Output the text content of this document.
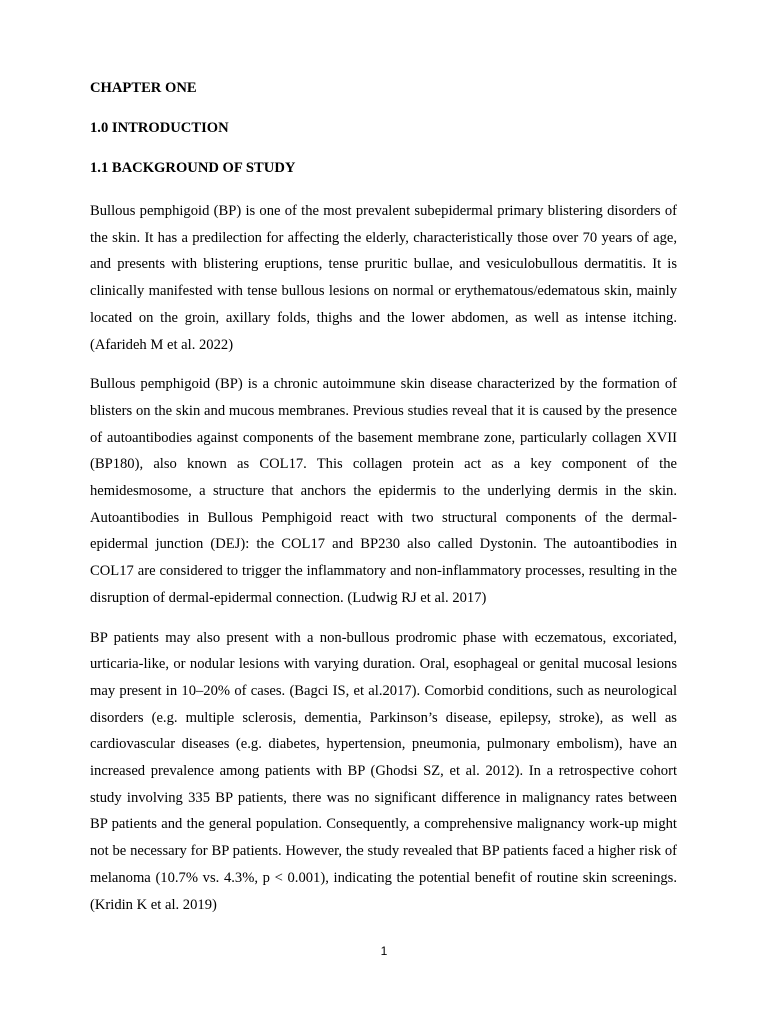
CHAPTER ONE
1.0 INTRODUCTION
1.1 BACKGROUND OF STUDY

Bullous pemphigoid (BP) is one of the most prevalent subepidermal primary blistering disorders of the skin. It has a predilection for affecting the elderly, characteristically those over 70 years of age, and presents with blistering eruptions, tense pruritic bullae, and vesiculobullous dermatitis. It is clinically manifested with tense bullous lesions on normal or erythematous/edematous skin, mainly located on the groin, axillary folds, thighs and the lower abdomen, as well as intense itching. (Afarideh M et al. 2022)

Bullous pemphigoid (BP) is a chronic autoimmune skin disease characterized by the formation of blisters on the skin and mucous membranes. Previous studies reveal that it is caused by the presence of autoantibodies against components of the basement membrane zone, particularly collagen XVII (BP180), also known as COL17. This collagen protein act as a key component of the hemidesmosome, a structure that anchors the epidermis to the underlying dermis in the skin. Autoantibodies in Bullous Pemphigoid react with two structural components of the dermal-epidermal junction (DEJ): the COL17 and BP230 also called Dystonin. The autoantibodies in COL17 are considered to trigger the inflammatory and non-inflammatory processes, resulting in the disruption of dermal-epidermal connection. (Ludwig RJ et al. 2017)

BP patients may also present with a non-bullous prodromic phase with eczematous, excoriated, urticaria-like, or nodular lesions with varying duration. Oral, esophageal or genital mucosal lesions may present in 10–20% of cases. (Bagci IS, et al.2017). Comorbid conditions, such as neurological disorders (e.g. multiple sclerosis, dementia, Parkinson’s disease, epilepsy, stroke), as well as cardiovascular diseases (e.g. diabetes, hypertension, pneumonia, pulmonary embolism), have an increased prevalence among patients with BP (Ghodsi SZ, et al. 2012). In a retrospective cohort study involving 335 BP patients, there was no significant difference in malignancy rates between BP patients and the general population. Consequently, a comprehensive malignancy work-up might not be necessary for BP patients. However, the study revealed that BP patients faced a higher risk of melanoma (10.7% vs. 4.3%, p < 0.001), indicating the potential benefit of routine skin screenings. (Kridin K et al. 2019)

1
